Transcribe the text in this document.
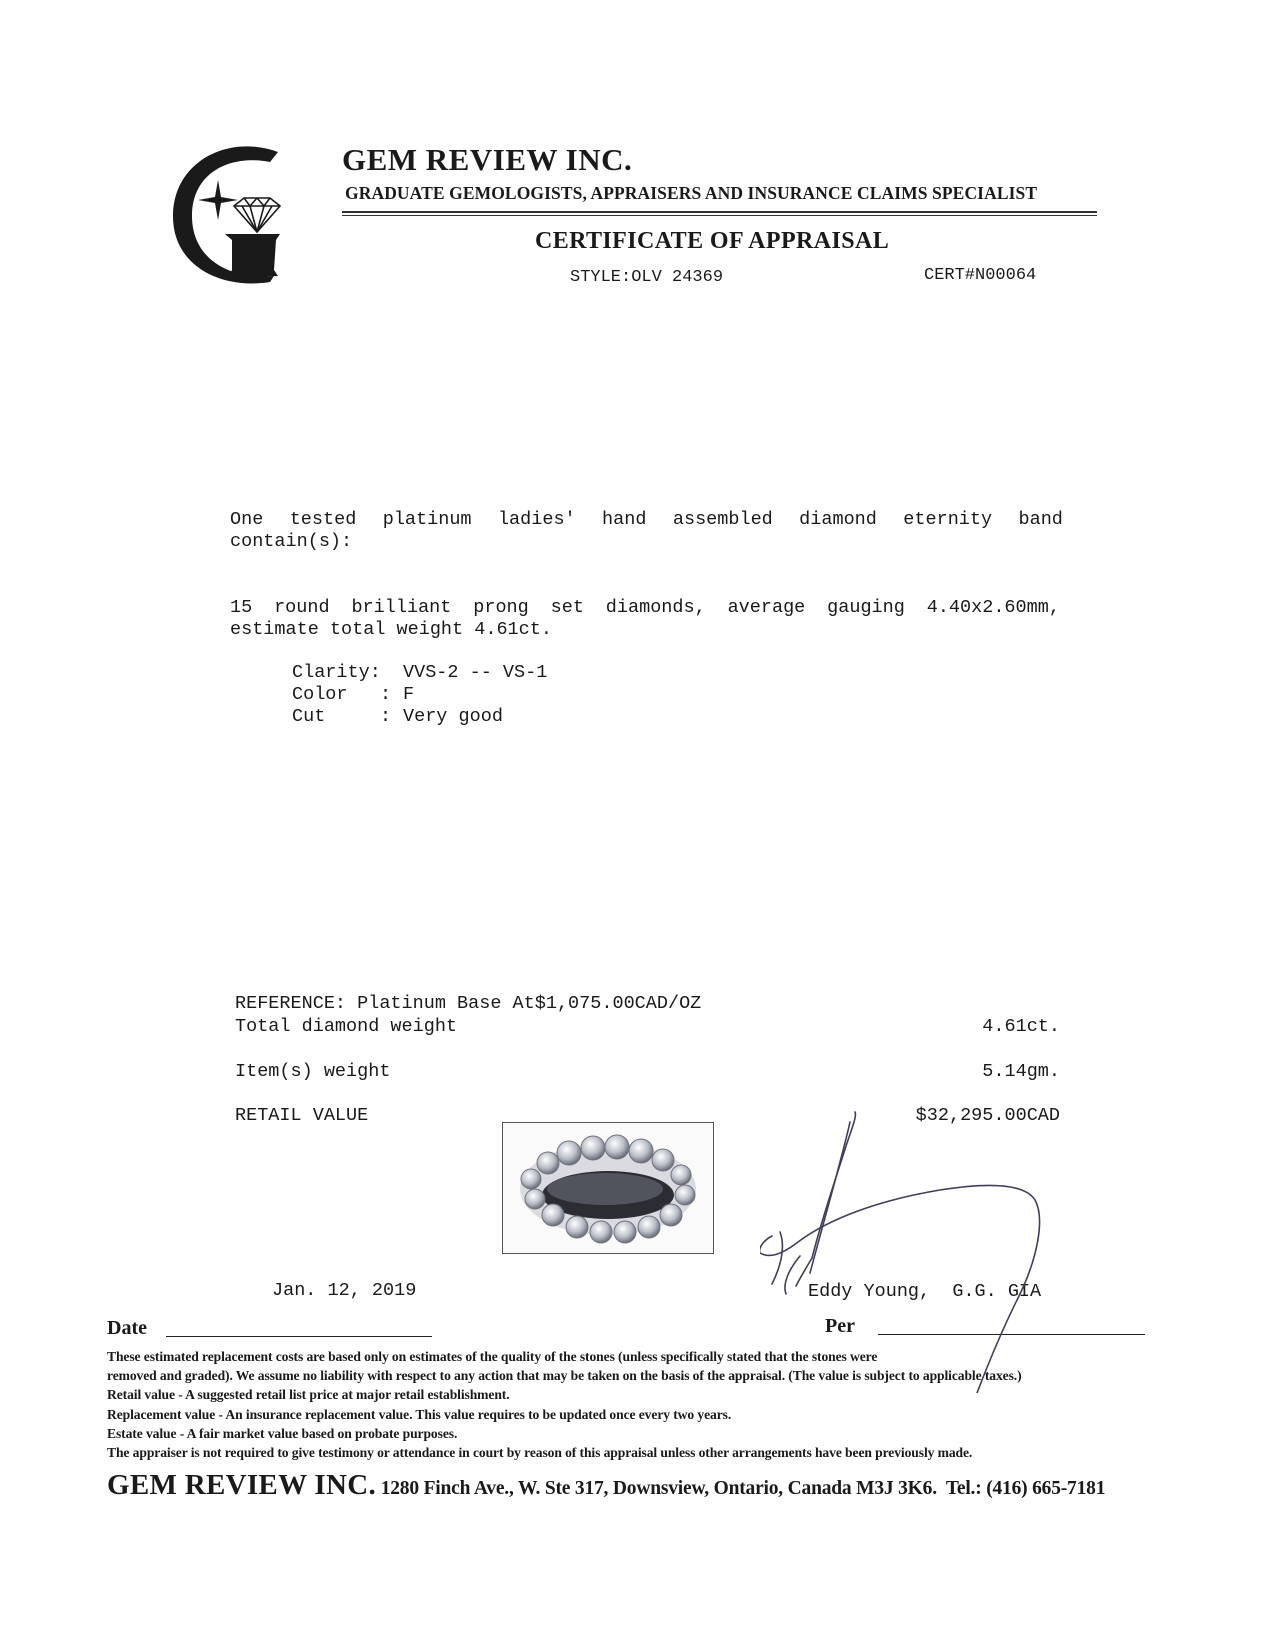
GEM REVIEW INC.
GRADUATE GEMOLOGISTS, APPRAISERS AND INSURANCE CLAIMS SPECIALIST
CERTIFICATE OF APPRAISAL
STYLE:OLV 24369	CERT#N00064
One tested platinum ladies' hand assembled diamond eternity band
contain(s):
15 round brilliant prong set diamonds, average gauging 4.40x2.60mm,
estimate total weight 4.61ct.
Clarity: VVS-2 -- VS-1
Color : F
Cut	: Very good
REFERENCE: Platinum Base At$1,075.00CAD/OZ
Total diamond weight	4.61ct.
Item(s) weight	5.14gm.
RETAIL VALUE	$32,295.00CAD
Jan. 12, 2019	Eddy Young,  G.G. GIA
Date	Per
These estimated replacement costs are based only on estimates of the quality of the stones (unless specifically stated that the stones were
removed and graded). We assume no liability with respect to any action that may be taken on the basis of the appraisal. (The value is subject to applicable taxes.)
Retail value - A suggested retail list price at major retail establishment.
Replacement value - An insurance replacement value. This value requires to be updated once every two years.
Estate value - A fair market value based on probate purposes.
The appraiser is not required to give testimony or attendance in court by reason of this appraisal unless other arrangements have been previously made.
GEM REVIEW INC. 1280 Finch Ave., W. Ste 317, Downsview, Ontario, Canada M3J 3K6.  Tel.: (416) 665-7181
